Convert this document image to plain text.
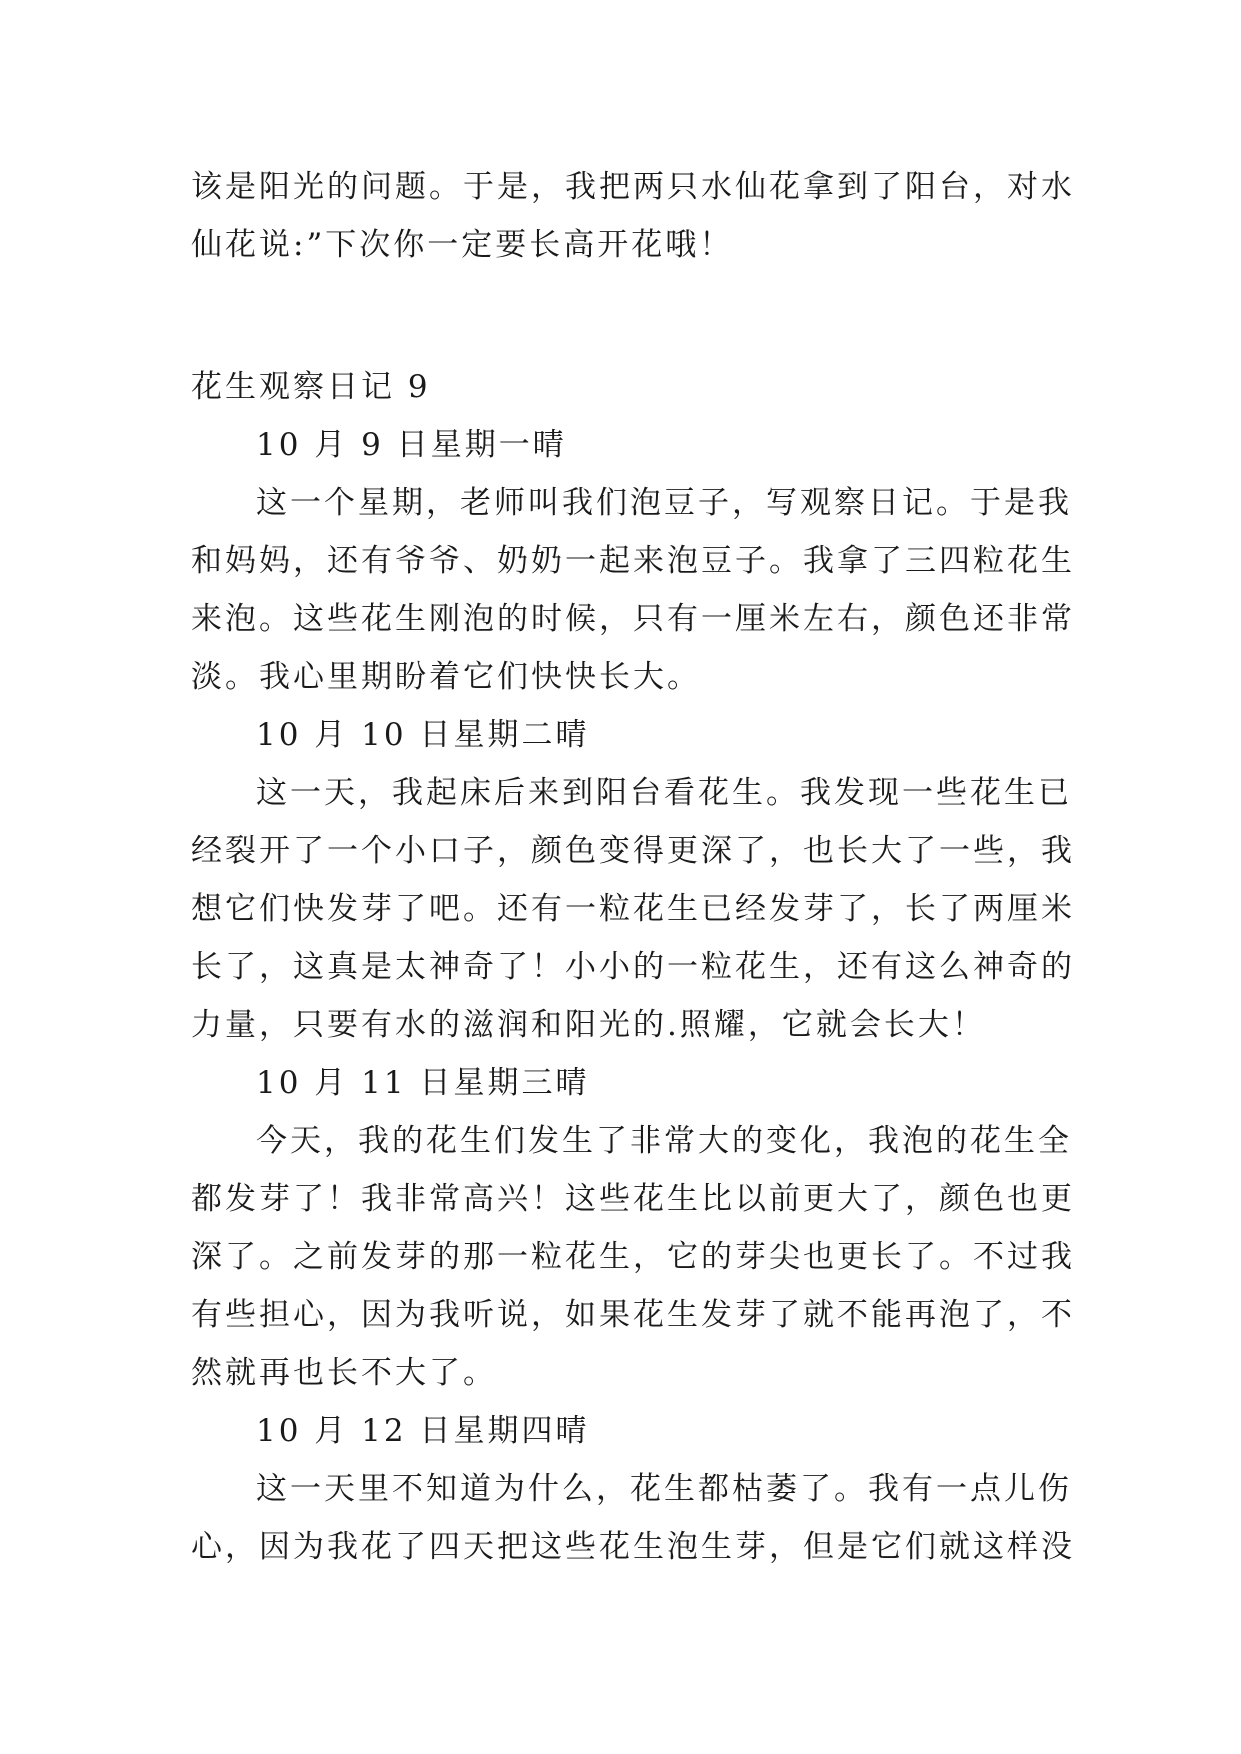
该是阳光的问题。于是，我把两只水仙花拿到了阳台，对水
仙花说:”下次你一定要长高开花哦！
花生观察日记 9
10 月 9 日星期一晴
这一个星期，老师叫我们泡豆子，写观察日记。于是我
和妈妈，还有爷爷、奶奶一起来泡豆子。我拿了三四粒花生
来泡。这些花生刚泡的时候，只有一厘米左右，颜色还非常
淡。我心里期盼着它们快快长大。
10 月 10 日星期二晴
这一天，我起床后来到阳台看花生。我发现一些花生已
经裂开了一个小口子，颜色变得更深了，也长大了一些，我
想它们快发芽了吧。还有一粒花生已经发芽了，长了两厘米
长了，这真是太神奇了！小小的一粒花生，还有这么神奇的
力量，只要有水的滋润和阳光的.照耀，它就会长大！
10 月 11 日星期三晴
今天，我的花生们发生了非常大的变化，我泡的花生全
都发芽了！我非常高兴！这些花生比以前更大了，颜色也更
深了。之前发芽的那一粒花生，它的芽尖也更长了。不过我
有些担心，因为我听说，如果花生发芽了就不能再泡了，不
然就再也长不大了。
10 月 12 日星期四晴
这一天里不知道为什么，花生都枯萎了。我有一点儿伤
心，因为我花了四天把这些花生泡生芽，但是它们就这样没
